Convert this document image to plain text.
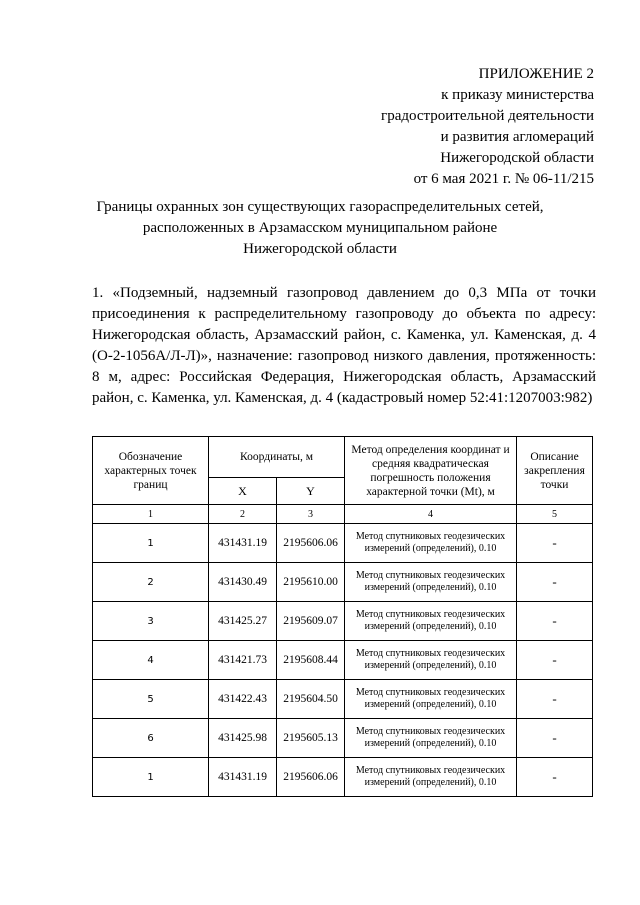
ПРИЛОЖЕНИЕ 2
к приказу министерства
градостроительной деятельности
и развития агломераций
Нижегородской области
от 6 мая 2021 г. № 06-11/215
Границы охранных зон существующих газораспределительных сетей,
расположенных в Арзамасском муниципальном районе
Нижегородской области
1. «Подземный, надземный газопровод давлением до 0,3 МПа от точки присоединения к распределительному газопроводу до объекта по адресу: Нижегородская область, Арзамасский район, с. Каменка, ул. Каменская, д. 4 (О-2-1056А/Л-Л)», назначение: газопровод низкого давления, протяженность: 8 м, адрес: Российская Федерация, Нижегородская область, Арзамасский район, с. Каменка, ул. Каменская, д. 4 (кадастровый номер 52:41:1207003:982)
Обозначение характерных точек границ	Координаты, м		Метод определения координат и средняя квадратическая погрешность положения характерной точки (Mt), м	Описание закрепления точки
	X	Y		
1	2	3	4	5
1	431431.19	2195606.06	Метод спутниковых геодезических измерений (определений), 0.10	-
2	431430.49	2195610.00	Метод спутниковых геодезических измерений (определений), 0.10	-
3	431425.27	2195609.07	Метод спутниковых геодезических измерений (определений), 0.10	-
4	431421.73	2195608.44	Метод спутниковых геодезических измерений (определений), 0.10	-
5	431422.43	2195604.50	Метод спутниковых геодезических измерений (определений), 0.10	-
6	431425.98	2195605.13	Метод спутниковых геодезических измерений (определений), 0.10	-
1	431431.19	2195606.06	Метод спутниковых геодезических измерений (определений), 0.10	-
